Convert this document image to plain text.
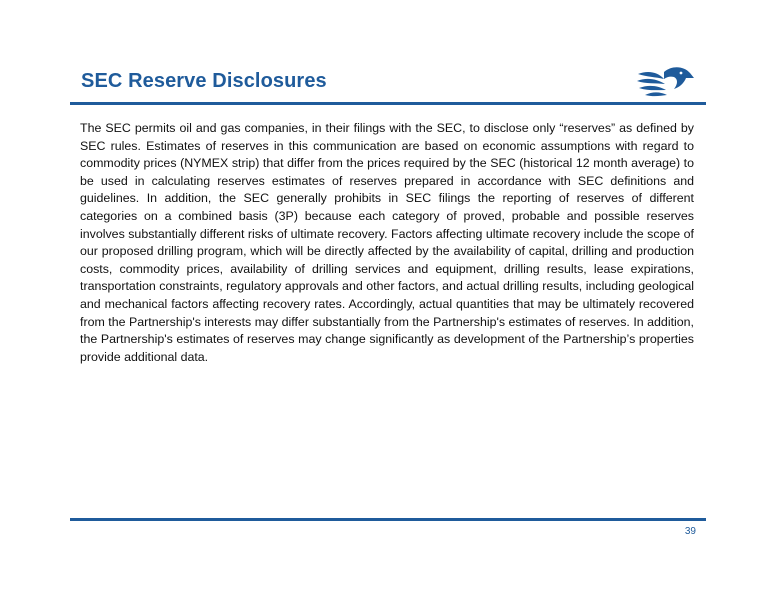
SEC Reserve Disclosures

The SEC permits oil and gas companies, in their filings with the SEC, to disclose only “reserves” as defined by SEC rules. Estimates of reserves in this communication are based on economic assumptions with regard to commodity prices (NYMEX strip) that differ from the prices required by the SEC (historical 12 month average) to be used in calculating reserves estimates of reserves prepared in accordance with SEC definitions and guidelines. In addition, the SEC generally prohibits in SEC filings the reporting of reserves of different categories on a combined basis (3P) because each category of proved, probable and possible reserves involves substantially different risks of ultimate recovery. Factors affecting ultimate recovery include the scope of our proposed drilling program, which will be directly affected by the availability of capital, drilling and production costs, commodity prices, availability of drilling services and equipment, drilling results, lease expirations, transportation constraints, regulatory approvals and other factors, and actual drilling results, including geological and mechanical factors affecting recovery rates. Accordingly, actual quantities that may be ultimately recovered from the Partnership's interests may differ substantially from the Partnership's estimates of reserves. In addition, the Partnership's estimates of reserves may change significantly as development of the Partnership’s properties provide additional data.

39
